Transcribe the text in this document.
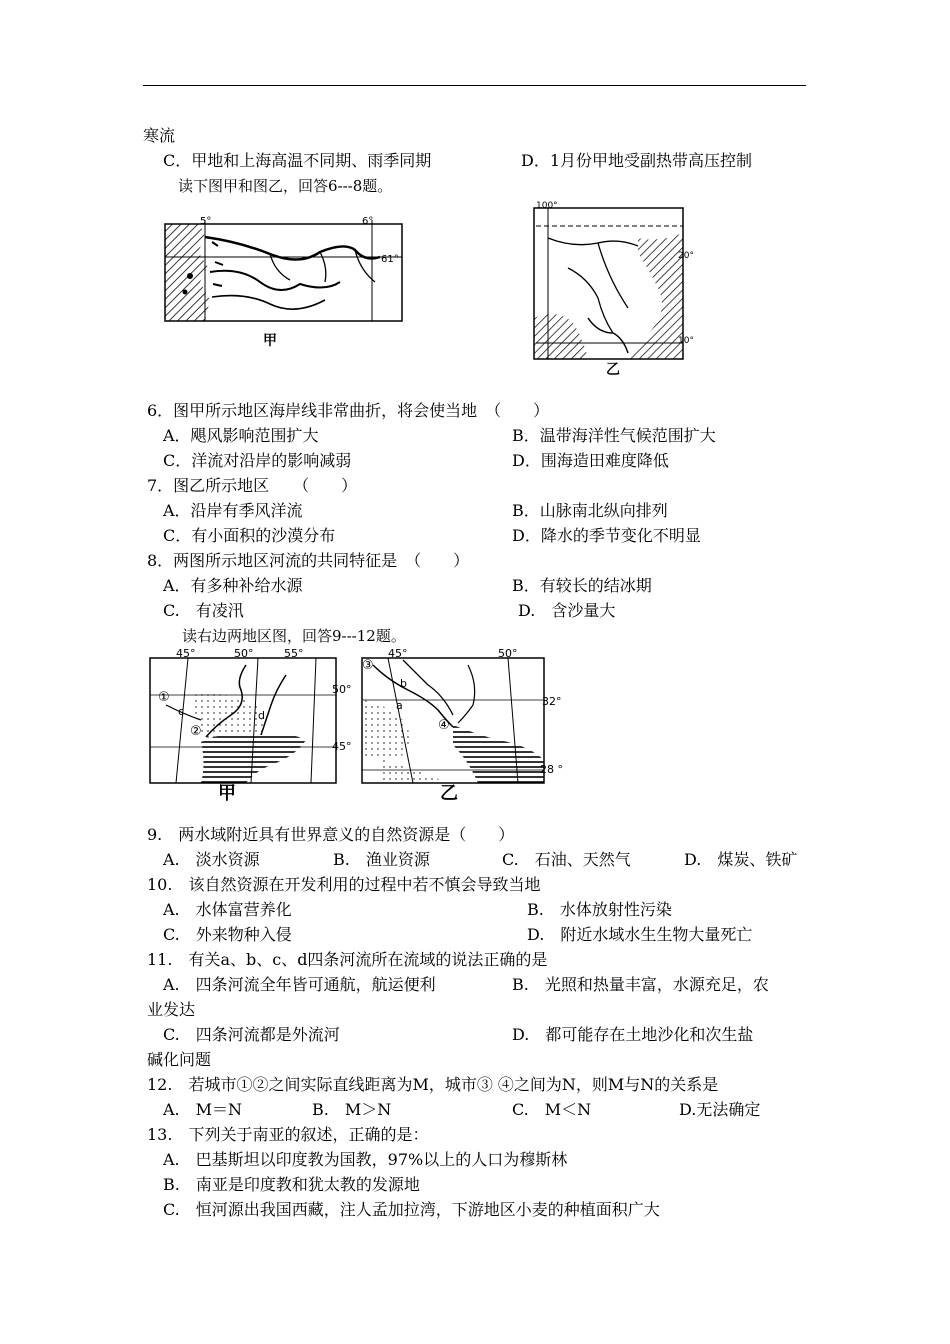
寒流
C．甲地和上海高温不同期、雨季同期	D．1月份甲地受副热带高压控制
读下图甲和图乙，回答6---8题。
5°	6°
61°
甲
100°
20°
10°
乙
6．图甲所示地区海岸线非常曲折，将会使当地　（　　）
A．飓风影响范围扩大	B．温带海洋性气候范围扩大
C．洋流对沿岸的影响减弱	D．围海造田难度降低
7．图乙所示地区　　（　　）
A．沿岸有季风洋流	B．山脉南北纵向排列
C．有小面积的沙漠分布	D．降水的季节变化不明显
8．两图所示地区河流的共同特征是　（　　）
A．有多种补给水源	B．有较长的结冰期
C.　有凌汛	D.　含沙量大
读右边两地区图，回答9---12题。
45°	50°	55°
50°
45°
①
②
c	d
甲
45°	50°
32°
28 °
③
④
a
b
乙
9.　两水域附近具有世界意义的自然资源是（　　）
A.　淡水资源	B.　渔业资源	C.　石油、天然气	D.　煤炭、铁矿
10.　该自然资源在开发利用的过程中若不慎会导致当地
A.　水体富营养化	B.　水体放射性污染
C.　外来物种入侵	D.　附近水域水生生物大量死亡
11.　有关a、b、c、d四条河流所在流域的说法正确的是
A.　四条河流全年皆可通航，航运便利	B.　光照和热量丰富，水源充足，农
业发达
C.　四条河流都是外流河	D.　都可能存在土地沙化和次生盐
碱化问题
12.　若城市①②之间实际直线距离为M，城市③ ④之间为N，则M与N的关系是
A.　M＝N	B.　M＞N	C.　M＜N	D.无法确定
13.　下列关于南亚的叙述，正确的是：
A.　巴基斯坦以印度教为国教，97%以上的人口为穆斯林
B.　南亚是印度教和犹太教的发源地
C.　恒河源出我国西藏，注人孟加拉湾，下游地区小麦的种植面积广大
